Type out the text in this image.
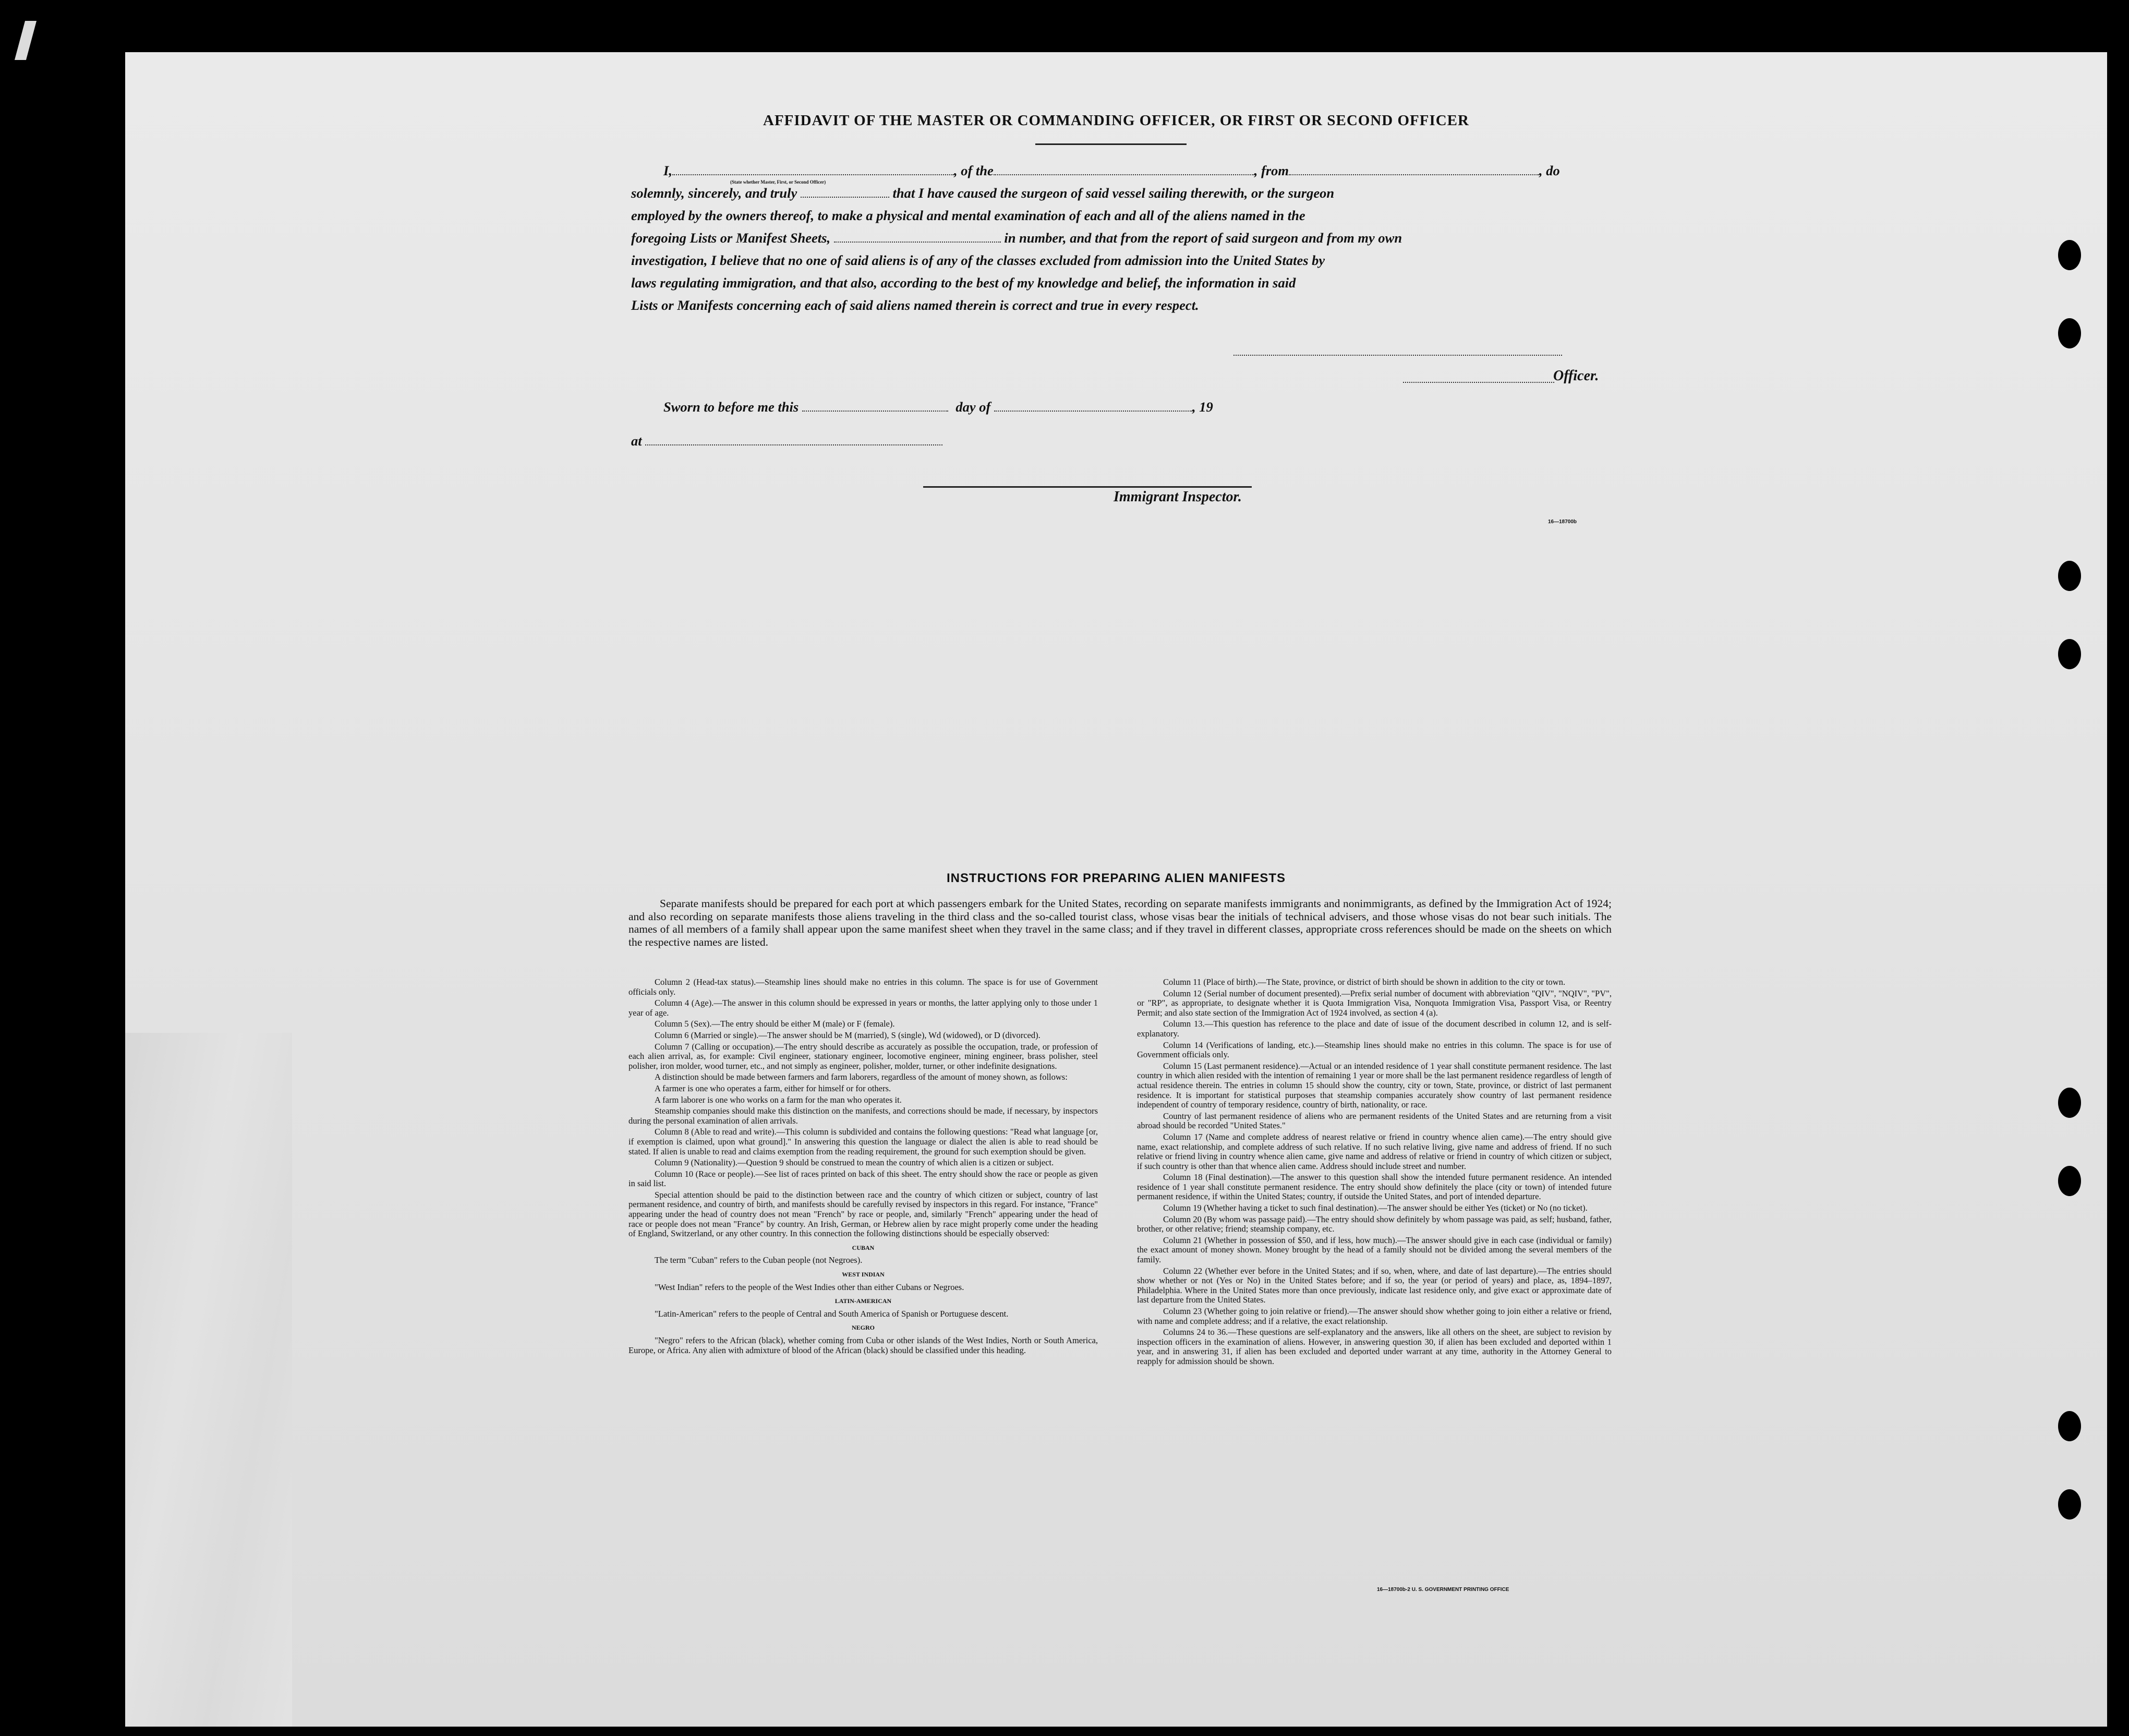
AFFIDAVIT OF THE MASTER OR COMMANDING OFFICER, OR FIRST OR SECOND OFFICER
I,	, of the	, from	, do
(State whether Master, First, or Second Officer)
solemnly, sincerely, and truly	that I have caused the surgeon of said vessel sailing therewith, or the surgeon
employed by the owners thereof, to make a physical and mental examination of each and all of the aliens named in the
foregoing Lists or Manifest Sheets,	in number, and that from the report of said surgeon and from my own
investigation, I believe that no one of said aliens is of any of the classes excluded from admission into the United States by
laws regulating immigration, and that also, according to the best of my knowledge and belief, the information in said
Lists or Manifests concerning each of said aliens named therein is correct and true in every respect.
Officer.
Sworn to before me this	day of	, 19
at
Immigrant Inspector.
16—18700b
INSTRUCTIONS FOR PREPARING ALIEN MANIFESTS
Separate manifests should be prepared for each port at which passengers embark for the United States, recording on separate manifests immigrants and nonimmigrants, as defined by the Immigration Act of 1924; and also recording on separate manifests those aliens traveling in the third class and the so-called tourist class, whose visas bear the initials of technical advisers, and those whose visas do not bear such initials. The names of all members of a family shall appear upon the same manifest sheet when they travel in the same class; and if they travel in different classes, appropriate cross references should be made on the sheets on which the respective names are listed.

Column 2 (Head-tax status).—Steamship lines should make no entries in this column. The space is for use of Government officials only.

Column 4 (Age).—The answer in this column should be expressed in years or months, the latter applying only to those under 1 year of age.

Column 5 (Sex).—The entry should be either M (male) or F (female).

Column 6 (Married or single).—The answer should be M (married), S (single), Wd (widowed), or D (divorced).

Column 7 (Calling or occupation).—The entry should describe as accurately as possible the occupation, trade, or profession of each alien arrival, as, for example: Civil engineer, stationary engineer, locomotive engineer, mining engineer, brass polisher, steel polisher, iron molder, wood turner, etc., and not simply as engineer, polisher, molder, turner, or other indefinite designations.

A distinction should be made between farmers and farm laborers, regardless of the amount of money shown, as follows:

A farmer is one who operates a farm, either for himself or for others.

A farm laborer is one who works on a farm for the man who operates it.

Steamship companies should make this distinction on the manifests, and corrections should be made, if necessary, by inspectors during the personal examination of alien arrivals.

Column 8 (Able to read and write).—This column is subdivided and contains the following questions: "Read what language [or, if exemption is claimed, upon what ground]." In answering this question the language or dialect the alien is able to read should be stated. If alien is unable to read and claims exemption from the reading requirement, the ground for such exemption should be given.

Column 9 (Nationality).—Question 9 should be construed to mean the country of which alien is a citizen or subject.

Column 10 (Race or people).—See list of races printed on back of this sheet. The entry should show the race or people as given in said list.

Special attention should be paid to the distinction between race and the country of which citizen or subject, country of last permanent residence, and country of birth, and manifests should be carefully revised by inspectors in this regard. For instance, "France" appearing under the head of country does not mean "French" by race or people, and, similarly "French" appearing under the head of race or people does not mean "France" by country. An Irish, German, or Hebrew alien by race might properly come under the heading of England, Switzerland, or any other country. In this connection the following distinctions should be especially observed:

CUBAN

The term "Cuban" refers to the Cuban people (not Negroes).

WEST INDIAN

"West Indian" refers to the people of the West Indies other than either Cubans or Negroes.

LATIN-AMERICAN

"Latin-American" refers to the people of Central and South America of Spanish or Portuguese descent.

NEGRO

"Negro" refers to the African (black), whether coming from Cuba or other islands of the West Indies, North or South America, Europe, or Africa. Any alien with admixture of blood of the African (black) should be classified under this heading.

Column 11 (Place of birth).—The State, province, or district of birth should be shown in addition to the city or town.

Column 12 (Serial number of document presented).—Prefix serial number of document with abbreviation "QIV", "NQIV", "PV", or "RP", as appropriate, to designate whether it is Quota Immigration Visa, Nonquota Immigration Visa, Passport Visa, or Reentry Permit; and also state section of the Immigration Act of 1924 involved, as section 4 (a).

Column 13.—This question has reference to the place and date of issue of the document described in column 12, and is self-explanatory.

Column 14 (Verifications of landing, etc.).—Steamship lines should make no entries in this column. The space is for use of Government officials only.

Column 15 (Last permanent residence).—Actual or an intended residence of 1 year shall constitute permanent residence. The last country in which alien resided with the intention of remaining 1 year or more shall be the last permanent residence regardless of length of actual residence therein. The entries in column 15 should show the country, city or town, State, province, or district of last permanent residence. It is important for statistical purposes that steamship companies accurately show country of last permanent residence independent of country of temporary residence, country of birth, nationality, or race.

Country of last permanent residence of aliens who are permanent residents of the United States and are returning from a visit abroad should be recorded "United States."

Column 17 (Name and complete address of nearest relative or friend in country whence alien came).—The entry should give name, exact relationship, and complete address of such relative. If no such relative living, give name and address of friend. If no such relative or friend living in country whence alien came, give name and address of relative or friend in country of which citizen or subject, if such country is other than that whence alien came. Address should include street and number.

Column 18 (Final destination).—The answer to this question shall show the intended future permanent residence. An intended residence of 1 year shall constitute permanent residence. The entry should show definitely the place (city or town) of intended future permanent residence, if within the United States; country, if outside the United States, and port of intended departure.

Column 19 (Whether having a ticket to such final destination).—The answer should be either Yes (ticket) or No (no ticket).

Column 20 (By whom was passage paid).—The entry should show definitely by whom passage was paid, as self; husband, father, brother, or other relative; friend; steamship company, etc.

Column 21 (Whether in possession of $50, and if less, how much).—The answer should give in each case (individual or family) the exact amount of money shown. Money brought by the head of a family should not be divided among the several members of the family.

Column 22 (Whether ever before in the United States; and if so, when, where, and date of last departure).—The entries should show whether or not (Yes or No) in the United States before; and if so, the year (or period of years) and place, as, 1894–1897, Philadelphia. Where in the United States more than once previously, indicate last residence only, and give exact or approximate date of last departure from the United States.

Column 23 (Whether going to join relative or friend).—The answer should show whether going to join either a relative or friend, with name and complete address; and if a relative, the exact relationship.

Columns 24 to 36.—These questions are self-explanatory and the answers, like all others on the sheet, are subject to revision by inspection officers in the examination of aliens. However, in answering question 30, if alien has been excluded and deported within 1 year, and in answering 31, if alien has been excluded and deported under warrant at any time, authority in the Attorney General to reapply for admission should be shown.

16—18700b-2 U. S. GOVERNMENT PRINTING OFFICE
